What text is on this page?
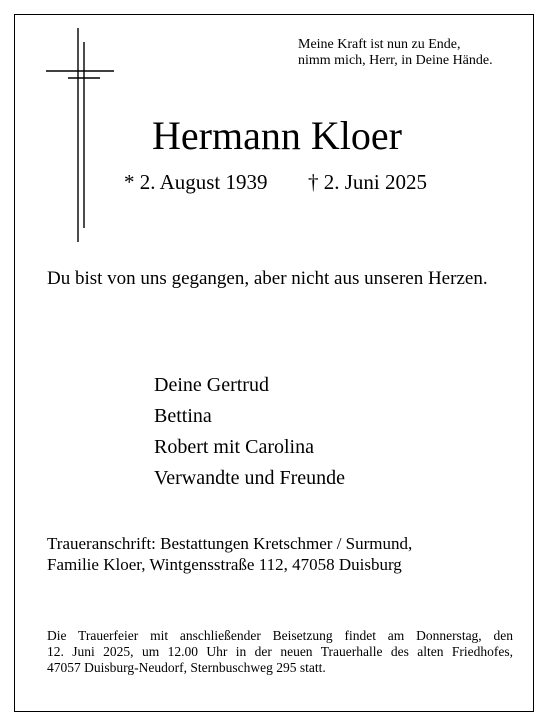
Meine Kraft ist nun zu Ende,
nimm mich, Herr, in Deine Hände.
Hermann Kloer
* 2. August 1939 † 2. Juni 2025
Du bist von uns gegangen, aber nicht aus unseren Herzen.
Deine Gertrud
Bettina
Robert mit Carolina
Verwandte und Freunde
Traueranschrift: Bestattungen Kretschmer / Surmund,
Familie Kloer, Wintgensstraße 112, 47058 Duisburg
Die Trauerfeier mit anschließender Beisetzung findet am Donnerstag, den
12. Juni 2025, um 12.00 Uhr in der neuen Trauerhalle des alten Friedhofes,
47057 Duisburg-Neudorf, Sternbuschweg 295 statt.
